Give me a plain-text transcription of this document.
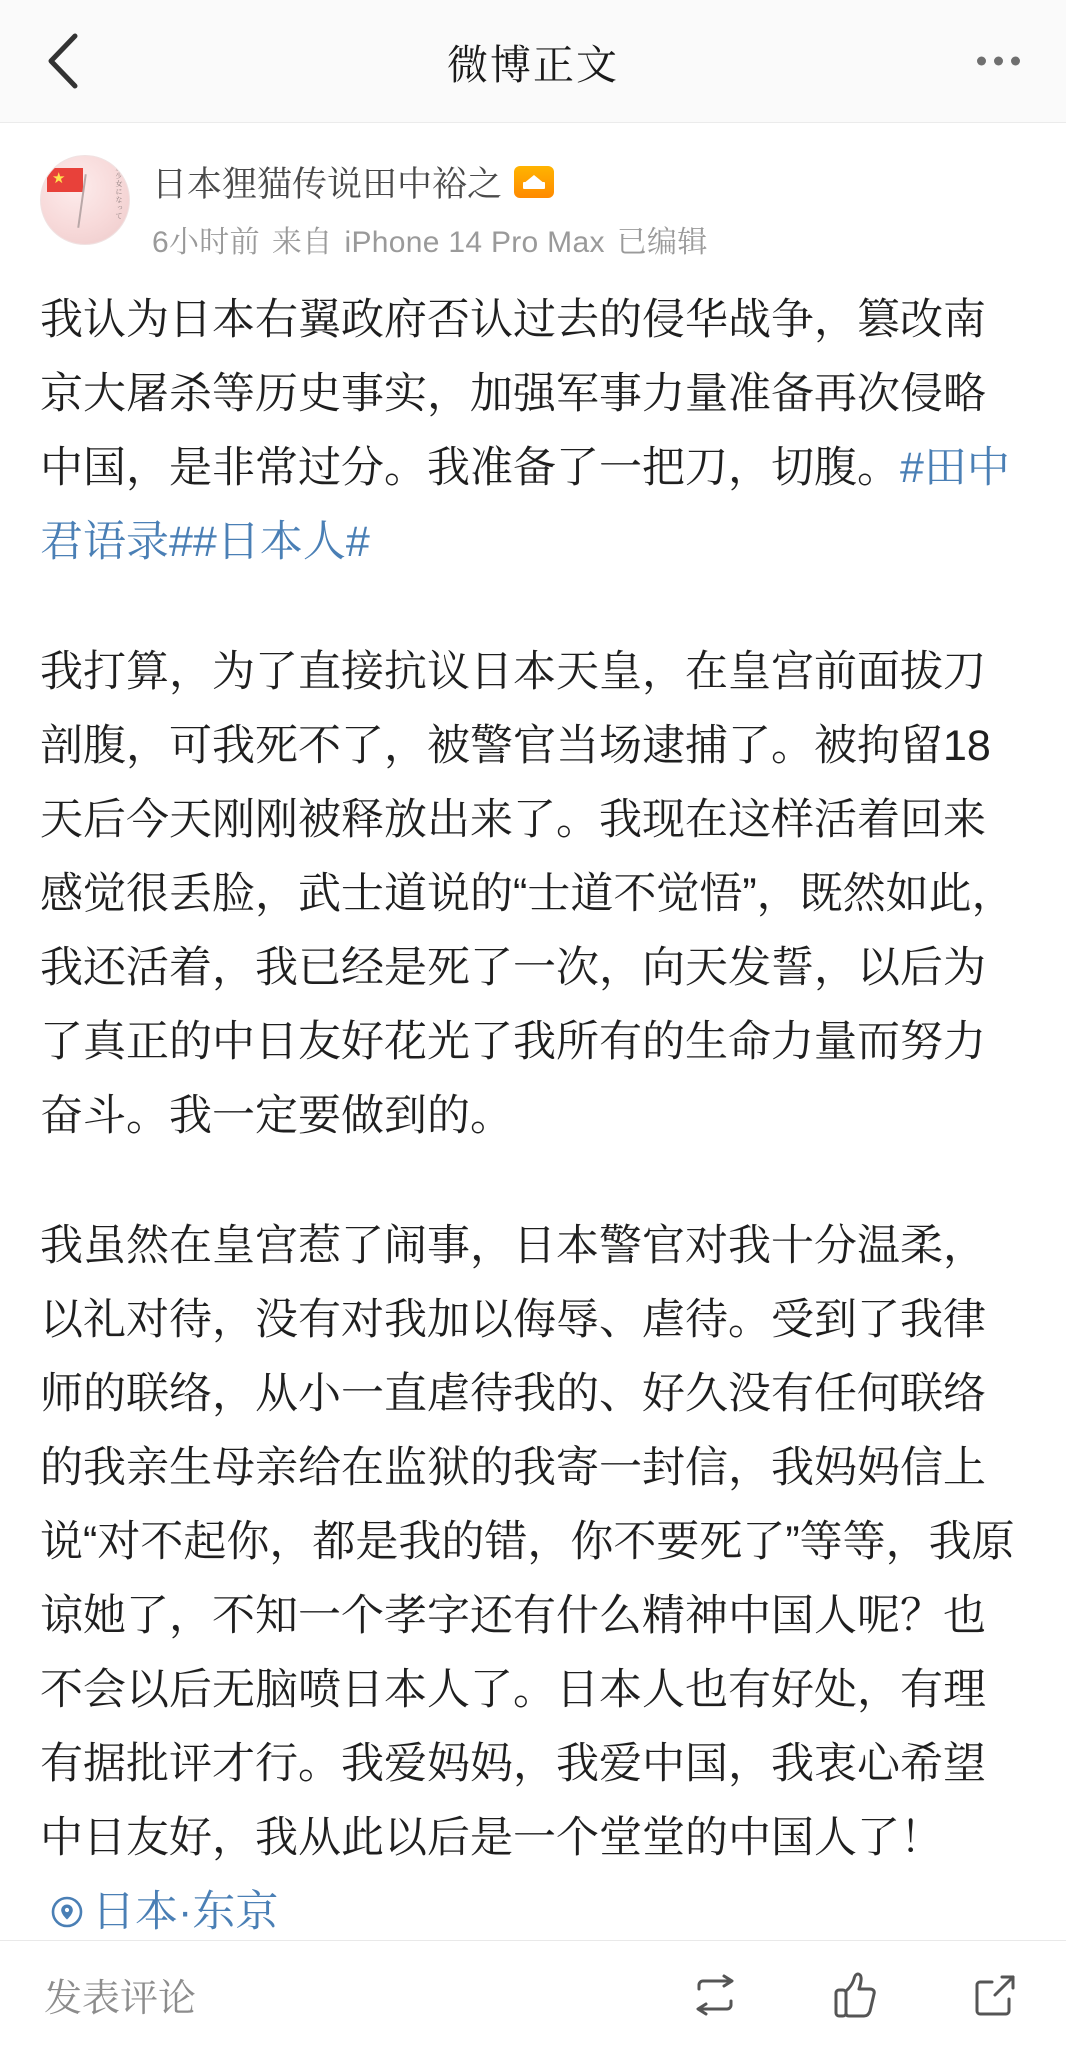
微博正文
★	旅少女になって 日本狸猫传说田中裕之
6小时前 来自 iPhone 14 Pro Max 已编辑

我认为日本右翼政府否认过去的侵华战争，篡改南京大屠杀等历史事实，加强军事力量准备再次侵略中国，是非常过分。我准备了一把刀，切腹。#田中君语录##日本人#

我打算，为了直接抗议日本天皇，在皇宫前面拔刀剖腹，可我死不了，被警官当场逮捕了。被拘留18天后今天刚刚被释放出来了。我现在这样活着回来感觉很丢脸，武士道说的“士道不觉悟”，既然如此，我还活着，我已经是死了一次，向天发誓，以后为了真正的中日友好花光了我所有的生命力量而努力奋斗。我一定要做到的。

我虽然在皇宫惹了闹事，日本警官对我十分温柔，以礼对待，没有对我加以侮辱、虐待。受到了我律师的联络，从小一直虐待我的、好久没有任何联络的我亲生母亲给在监狱的我寄一封信，我妈妈信上说“对不起你，都是我的错，你不要死了”等等，我原谅她了，不知一个孝字还有什么精神中国人呢？也不会以后无脑喷日本人了。日本人也有好处，有理有据批评才行。我爱妈妈，我爱中国，我衷心希望中日友好，我从此以后是一个堂堂的中国人了！
日本·东京

发表评论
